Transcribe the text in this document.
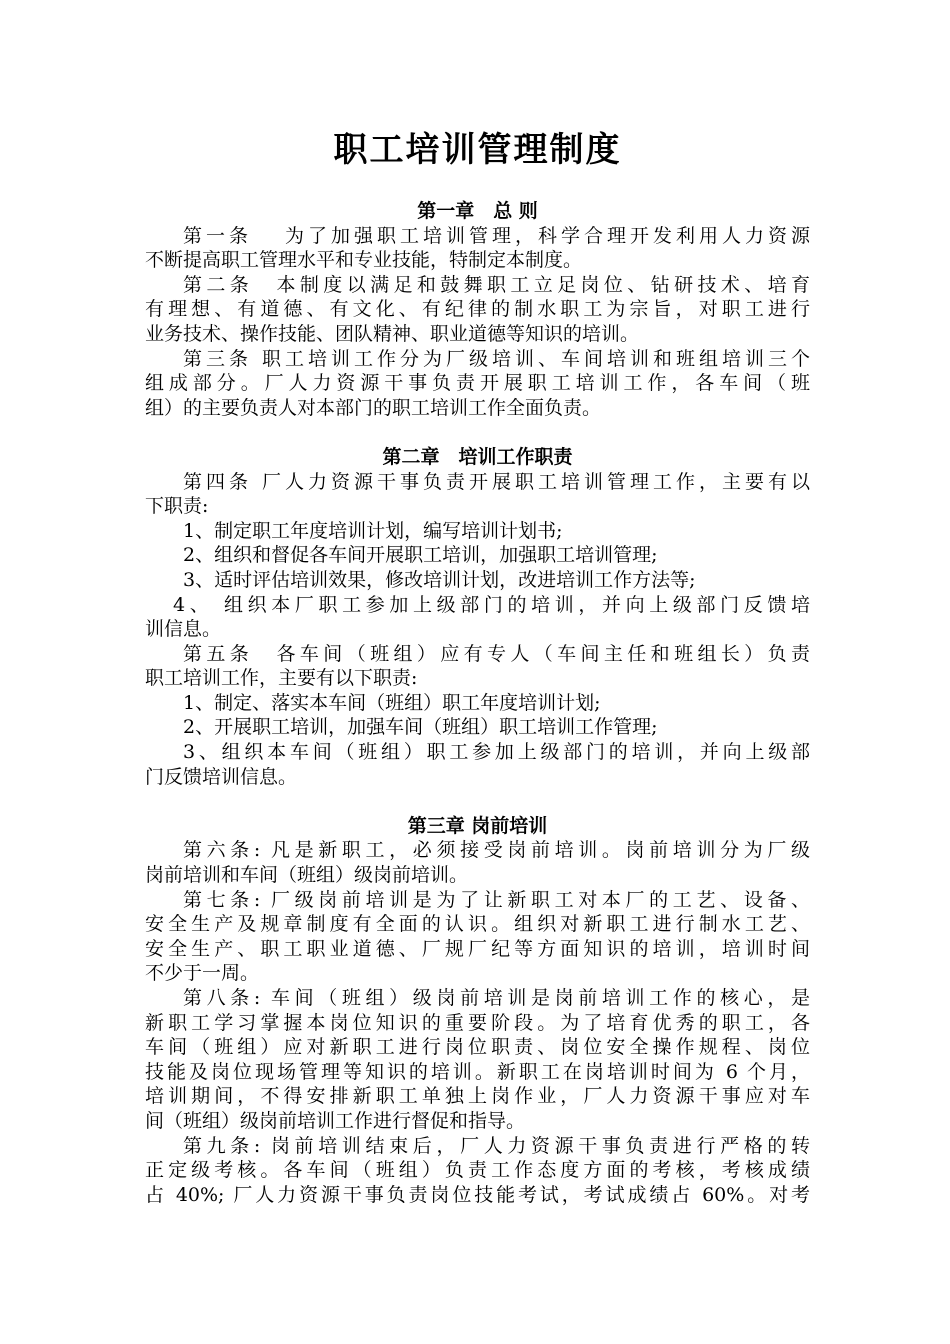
职工培训管理制度
第一章　总 则
第一条　 为了加强职工培训管理，科学合理开发利用人力资源
不断提高职工管理水平和专业技能，特制定本制度。
第二条　本制度以满足和鼓舞职工立足岗位、钻研技术、培育
有理想、有道德、有文化、有纪律的制水职工为宗旨，对职工进行
业务技术、操作技能、团队精神、职业道德等知识的培训。
第三条 职工培训工作分为厂级培训、车间培训和班组培训三个
组成部分。厂人力资源干事负责开展职工培训工作，各车间（班
组）的主要负责人对本部门的职工培训工作全面负责。
第二章　培训工作职责
第四条 厂人力资源干事负责开展职工培训管理工作，主要有以
下职责:
1、制定职工年度培训计划，编写培训计划书;
2、组织和督促各车间开展职工培训，加强职工培训管理;
3、适时评估培训效果，修改培训计划，改进培训工作方法等;
4、 组织本厂职工参加上级部门的培训，并向上级部门反馈培
训信息。
第五条　各车间（班组）应有专人（车间主任和班组长）负责
职工培训工作，主要有以下职责:
1、制定、落实本车间（班组）职工年度培训计划;
2、开展职工培训，加强车间（班组）职工培训工作管理;
3、组织本车间（班组）职工参加上级部门的培训，并向上级部
门反馈培训信息。
第三章 岗前培训
第六条: 凡是新职工，必须接受岗前培训。岗前培训分为厂级
岗前培训和车间（班组）级岗前培训。
第七条: 厂级岗前培训是为了让新职工对本厂的工艺、设备、
安全生产及规章制度有全面的认识。组织对新职工进行制水工艺、
安全生产、职工职业道德、厂规厂纪等方面知识的培训，培训时间
不少于一周。
第八条: 车间（班组）级岗前培训是岗前培训工作的核心，是
新职工学习掌握本岗位知识的重要阶段。为了培育优秀的职工，各
车间（班组）应对新职工进行岗位职责、岗位安全操作规程、岗位
技能及岗位现场管理等知识的培训。新职工在岗培训时间为 6 个月，
培训期间，不得安排新职工单独上岗作业，厂人力资源干事应对车
间（班组）级岗前培训工作进行督促和指导。
第九条: 岗前培训结束后，厂人力资源干事负责进行严格的转
正定级考核。各车间（班组）负责工作态度方面的考核，考核成绩
占 40%; 厂人力资源干事负责岗位技能考试，考试成绩占 60%。对考
